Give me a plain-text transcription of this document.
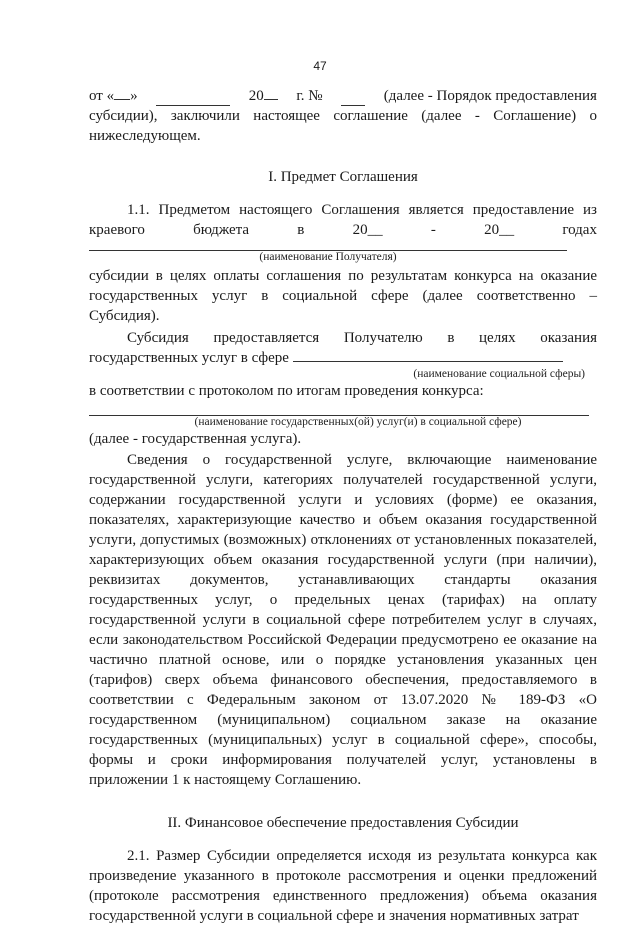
47
от « »	20	г. №	(далее - Порядок предоставления

субсидии), заключили настоящее соглашение (далее - Соглашение) о

нижеследующем.

I. Предмет Соглашения

1.1. Предметом настоящего Соглашения является предоставление из

краевого	бюджета	в	20__	-	20__	годах
(наименование Получателя)

субсидии в целях оплаты соглашения по результатам конкурса на оказание государственных услуг в социальной сфере (далее соответственно – Субсидия).

Субсидия предоставляется Получателю в целях оказания
государственных услуг в сфере
(наименование социальной сферы)

в соответствии с протоколом по итогам проведения конкурса:

(наименование государственных(ой) услуг(и) в социальной сфере)

(далее - государственная услуга).

Сведения о государственной услуге, включающие наименование государственной услуги, категориях получателей государственной услуги, содержании государственной услуги и условиях (форме) ее оказания, показателях, характеризующие качество и объем оказания государственной услуги, допустимых (возможных) отклонениях от установленных показателей, характеризующих объем оказания государственной услуги (при наличии), реквизитах документов, устанавливающих стандарты оказания государственных услуг, о предельных ценах (тарифах) на оплату государственной услуги в социальной сфере потребителем услуг в случаях, если законодательством Российской Федерации предусмотрено ее оказание на частично платной основе, или о порядке установления указанных цен (тарифов) сверх объема финансового обеспечения, предоставляемого в соответствии с Федеральным законом от 13.07.2020 № 189-ФЗ «О государственном (муниципальном) социальном заказе на оказание государственных (муниципальных) услуг в социальной сфере», способы, формы и сроки информирования получателей услуг, установлены в приложении 1 к настоящему Соглашению.

II. Финансовое обеспечение предоставления Субсидии

2.1. Размер Субсидии определяется исходя из результата конкурса как произведение указанного в протоколе рассмотрения и оценки предложений (протоколе рассмотрения единственного предложения) объема оказания государственной услуги в социальной сфере и значения нормативных затрат
